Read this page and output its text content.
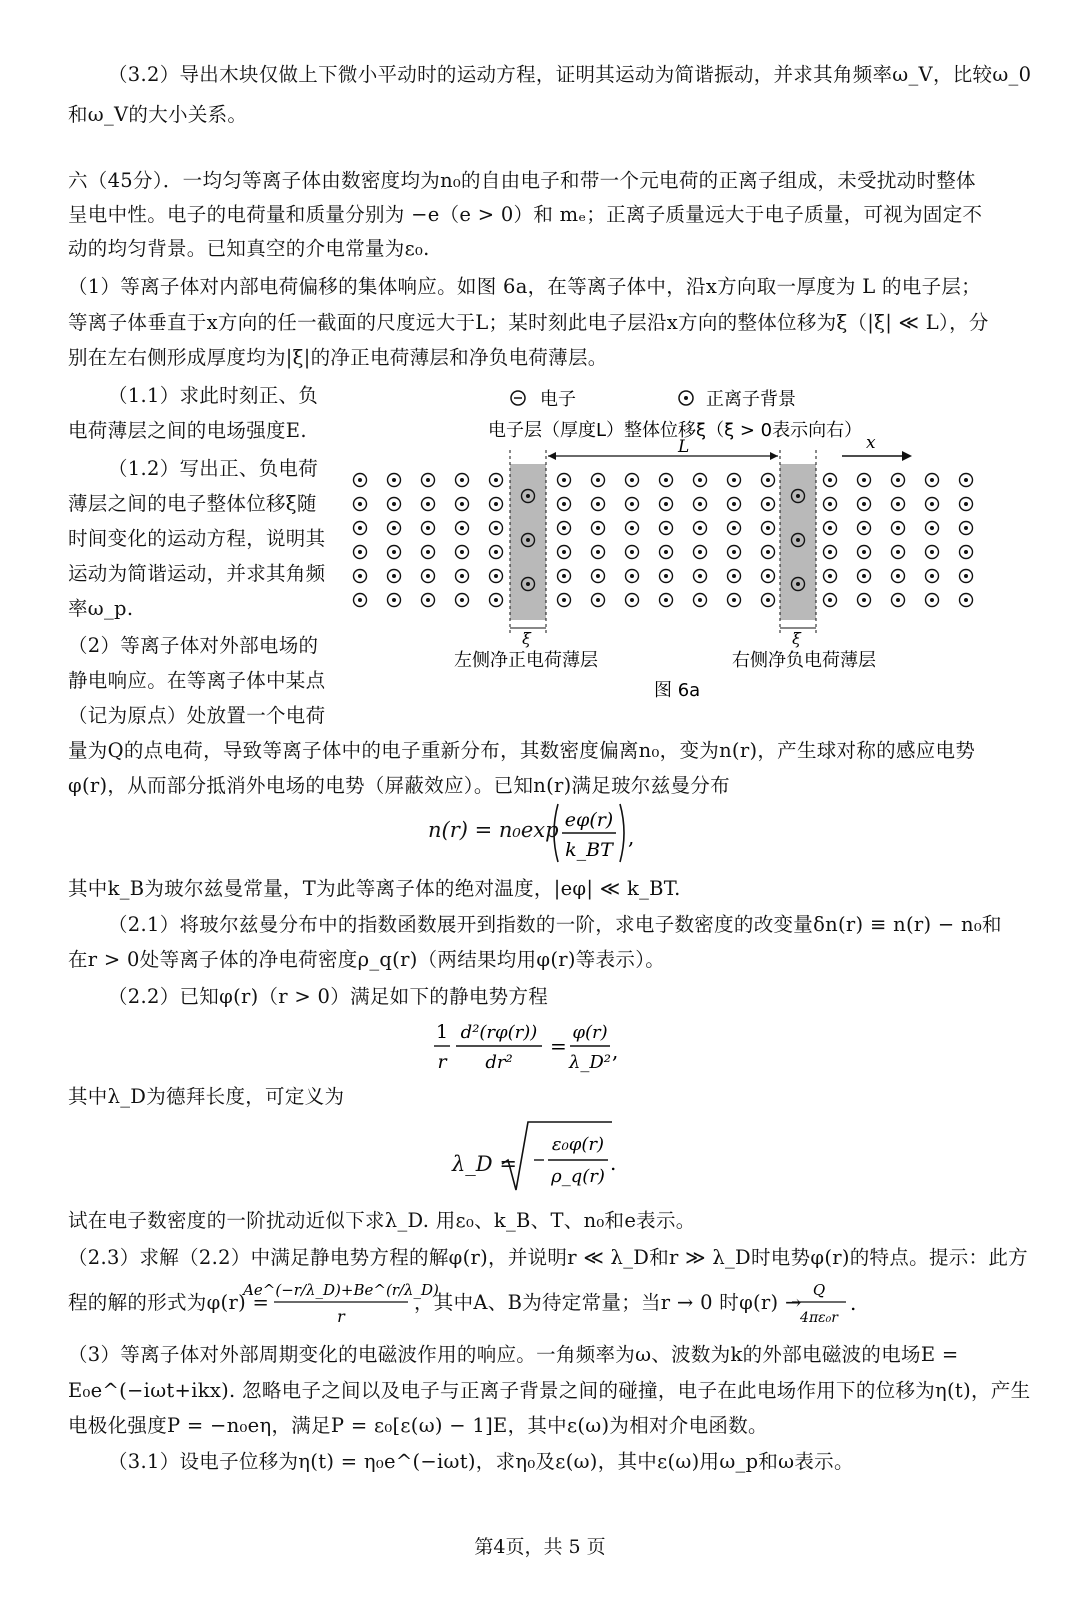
（3.2）导出木块仅做上下微小平动时的运动方程，证明其运动为简谐振动，并求其角频率ω_V，比较ω_0
和ω_V的大小关系。
六（45分）．一均匀等离子体由数密度均为n₀的自由电子和带一个元电荷的正离子组成，未受扰动时整体
呈电中性。电子的电荷量和质量分别为 −e（e > 0）和 mₑ；正离子质量远大于电子质量，可视为固定不
动的均匀背景。已知真空的介电常量为ε₀.
（1）等离子体对内部电荷偏移的集体响应。如图 6a，在等离子体中，沿x方向取一厚度为 L 的电子层；
等离子体垂直于x方向的任一截面的尺度远大于L；某时刻此电子层沿x方向的整体位移为ξ（|ξ| ≪ L），分
别在左右侧形成厚度均为|ξ|的净正电荷薄层和净负电荷薄层。
（1.1）求此时刻正、负
电荷薄层之间的电场强度E.
（1.2）写出正、负电荷
薄层之间的电子整体位移ξ随
时间变化的运动方程，说明其
运动为简谐运动，并求其角频
率ω_p.
（2）等离子体对外部电场的
静电响应。在等离子体中某点
（记为原点）处放置一个电荷
量为Q的点电荷，导致等离子体中的电子重新分布，其数密度偏离n₀，变为n(r)，产生球对称的感应电势
φ(r)，从而部分抵消外电场的电势（屏蔽效应）。已知n(r)满足玻尔兹曼分布
n(r) = n₀exp eφ(r)
k_BT
,
其中k_B为玻尔兹曼常量，T为此等离子体的绝对温度，|eφ| ≪ k_BT.
（2.1）将玻尔兹曼分布中的指数函数展开到指数的一阶，求电子数密度的改变量δn(r) ≡ n(r) − n₀和
在r > 0处等离子体的净电荷密度ρ_q(r)（两结果均用φ(r)等表示）。
（2.2）已知φ(r)（r > 0）满足如下的静电势方程
1
r
d²(rφ(r))
dr²
=
φ(r)
λ_D² ,
其中λ_D为德拜长度，可定义为
λ_D =
ε₀φ(r)
ρ_q(r)
.
试在电子数密度的一阶扰动近似下求λ_D. 用ε₀、k_B、T、n₀和e表示。
（2.3）求解（2.2）中满足静电势方程的解φ(r)，并说明r ≪ λ_D和r ≫ λ_D时电势φ(r)的特点。提示：此方
程的解的形式为φ(r) =
Ae^(−r/λ_D)+Be^(r/λ_D)
r
，其中A、B为待定常量；当r → 0 时φ(r) →
Q
4πε₀r
.
（3）等离子体对外部周期变化的电磁波作用的响应。一角频率为ω、波数为k的外部电磁波的电场E =
E₀e^(−iωt+ikx). 忽略电子之间以及电子与正离子背景之间的碰撞，电子在此电场作用下的位移为η(t)，产生
电极化强度P = −n₀eη，满足P = ε₀[ε(ω) − 1]E，其中ε(ω)为相对介电函数。
（3.1）设电子位移为η(t) = η₀e^(−iωt)，求η₀及ε(ω)，其中ε(ω)用ω_p和ω表示。
电子	正离子背景
电子层（厚度L）整体位移ξ（ξ > 0表示向右）
L	x
ξ	ξ
左侧净正电荷薄层	右侧净负电荷薄层
图 6a
第4页，共 5 页
